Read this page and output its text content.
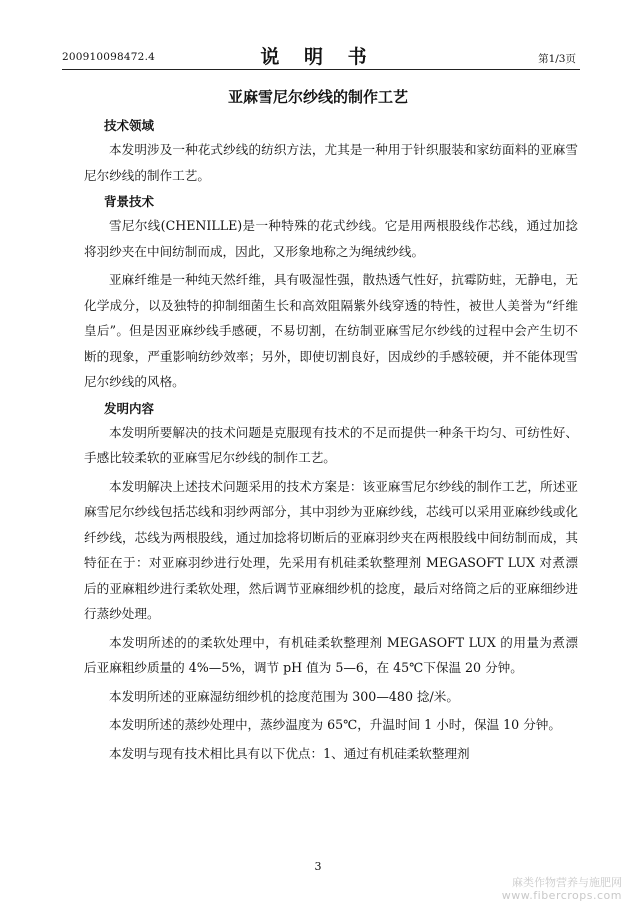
200910098472.4	说 明 书	第1/3页
亚麻雪尼尔纱线的制作工艺
技术领域

本发明涉及一种花式纱线的纺织方法，尤其是一种用于针织服装和家纺面料的亚麻雪尼尔纱线的制作工艺。

背景技术

雪尼尔线(CHENILLE)是一种特殊的花式纱线。它是用两根股线作芯线，通过加捻将羽纱夹在中间纺制而成，因此，又形象地称之为绳绒纱线。

亚麻纤维是一种纯天然纤维，具有吸湿性强，散热透气性好，抗霉防蛀，无静电，无化学成分，以及独特的抑制细菌生长和高效阻隔紫外线穿透的特性，被世人美誉为“纤维皇后”。但是因亚麻纱线手感硬，不易切割，在纺制亚麻雪尼尔纱线的过程中会产生切不断的现象，严重影响纺纱效率；另外，即使切割良好，因成纱的手感较硬，并不能体现雪尼尔纱线的风格。

发明内容

本发明所要解决的技术问题是克服现有技术的不足而提供一种条干均匀、可纺性好、手感比较柔软的亚麻雪尼尔纱线的制作工艺。

本发明解决上述技术问题采用的技术方案是：该亚麻雪尼尔纱线的制作工艺，所述亚麻雪尼尔纱线包括芯线和羽纱两部分，其中羽纱为亚麻纱线，芯线可以采用亚麻纱线或化纤纱线，芯线为两根股线，通过加捻将切断后的亚麻羽纱夹在两根股线中间纺制而成，其特征在于：对亚麻羽纱进行处理，先采用有机硅柔软整理剂 MEGASOFT LUX 对煮漂后的亚麻粗纱进行柔软处理，然后调节亚麻细纱机的捻度，最后对络筒之后的亚麻细纱进行蒸纱处理。

本发明所述的的柔软处理中，有机硅柔软整理剂 MEGASOFT LUX 的用量为煮漂后亚麻粗纱质量的 4%—5%，调节 pH 值为 5—6，在 45℃下保温 20 分钟。

本发明所述的亚麻湿纺细纱机的捻度范围为 300—480 捻/米。

本发明所述的蒸纱处理中，蒸纱温度为 65℃，升温时间 1 小时，保温 10 分钟。

本发明与现有技术相比具有以下优点：1、通过有机硅柔软整理剂

3
麻类作物营养与施肥网
www.fibercrops.com
